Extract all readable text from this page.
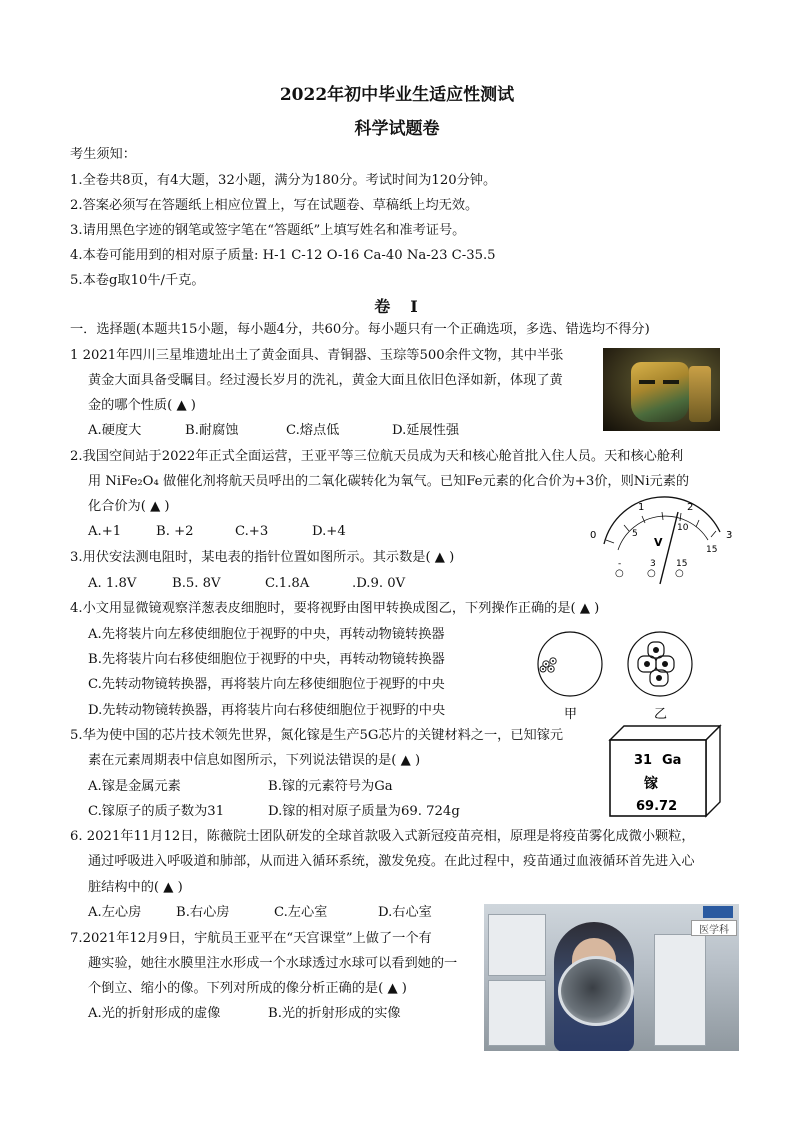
2022年初中毕业生适应性测试
科学试题卷
考生须知：
1.全卷共8页，有4大题，32小题，满分为180分。考试时间为120分钟。
2.答案必须写在答题纸上相应位置上，写在试题卷、草稿纸上均无效。
3.请用黑色字迹的钢笔或签字笔在“答题纸”上填写姓名和准考证号。
4.本卷可能用到的相对原子质量: H-1 C-12 O-16 Ca-40 Na-23 C-35.5
5.本卷g取10牛/千克。
卷　I
一．选择题(本题共15小题，每小题4分，共60分。每小题只有一个正确选项，多选、错选均不得分)
1 2021年四川三星堆遗址出土了黄金面具、青铜器、玉琮等500余件文物，其中半张
黄金大面具备受瞩目。经过漫长岁月的洗礼，黄金大面且依旧色泽如新，体现了黄
金的哪个性质( ▲ )
A.硬度大	B.耐腐蚀	C.熔点低	D.延展性强
2.我国空间站于2022年正式全面运营，王亚平等三位航天员成为天和核心舱首批入住人员。天和核心舱利
用 NiFe₂O₄ 做催化剂将航天员呼出的二氧化碳转化为氧气。已知Fe元素的化合价为+3价，则Ni元素的
化合价为( ▲ )
A.+1	B. +2	C.+3	D.+4	0
1	2
3
5
10
15
V
-	3 15
○ ○ ○
3.用伏安法测电阻时，某电表的指针位置如图所示。其示数是( ▲ )
A. 1.8V	B.5. 8V	C.1.8A	.D.9. 0V
4.小文用显微镜观察洋葱表皮细胞时，要将视野由图甲转换成图乙，下列操作正确的是( ▲ )
A.先将装片向左移使细胞位于视野的中央，再转动物镜转换器
B.先将装片向右移使细胞位于视野的中央，再转动物镜转换器
C.先转动物镜转换器，再将装片向左移使细胞位于视野的中央
D.先转动物镜转换器，再将装片向右移使细胞位于视野的中央	甲	乙
5.华为使中国的芯片技术领先世界，氮化镓是生产5G芯片的关键材料之一，已知镓元
素在元素周期表中信息如图所示，下列说法错误的是( ▲ )
A.镓是金属元素	B.镓的元素符号为Ga
C.镓原子的质子数为31	D.镓的相对原子质量为69. 724g
31 Ga
镓
69.72
6. 2021年11月12日，陈薇院士团队研发的全球首款吸入式新冠疫苗亮相，原理是将疫苗雾化成微小颗粒，
通过呼吸进入呼吸道和肺部，从而进入循环系统，激发免疫。在此过程中，疫苗通过血液循环首先进入心
脏结构中的( ▲ )
A.左心房	B.右心房	C.左心室	D.右心室
7.2021年12月9日，宇航员王亚平在“天宫课堂”上做了一个有
趣实验，她往水膜里注水形成一个水球透过水球可以看到她的一
个倒立、缩小的像。下列对所成的像分析正确的是( ▲ )
A.光的折射形成的虚像	B.光的折射形成的实像
医学科
